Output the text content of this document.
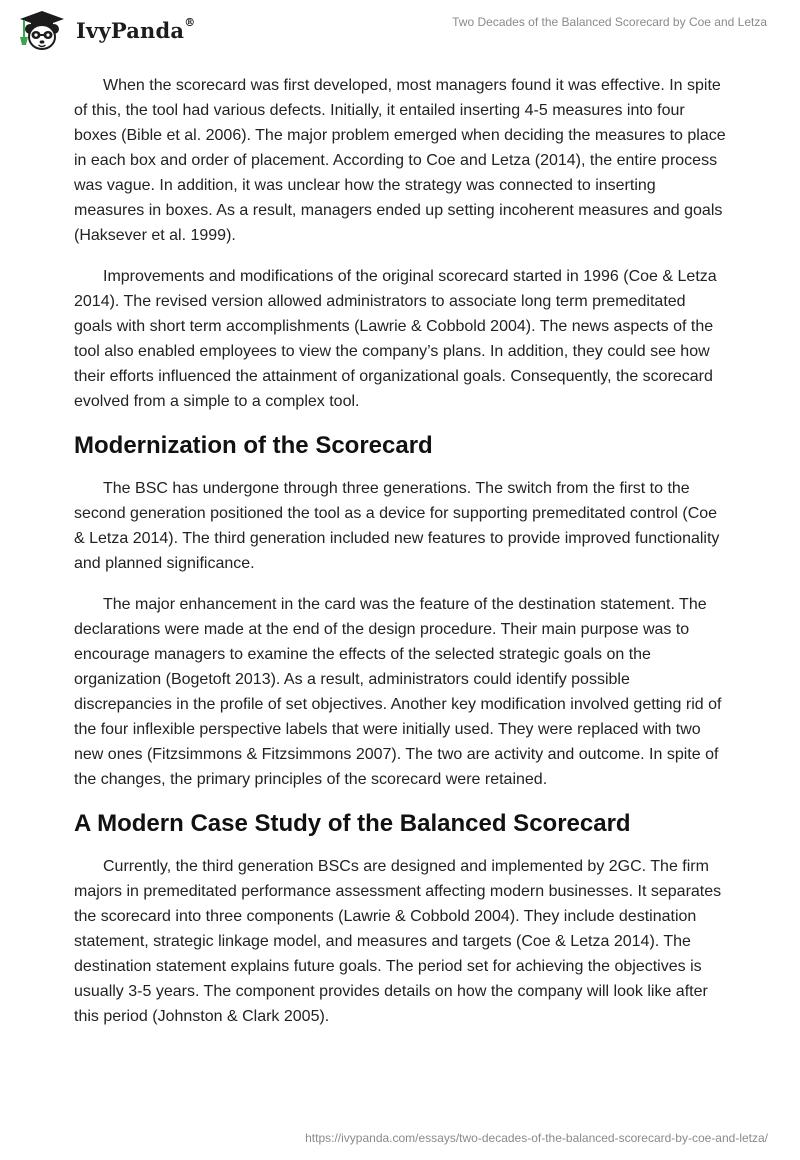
IvyPanda®	Two Decades of the Balanced Scorecard by Coe and Letza

When the scorecard was first developed, most managers found it was effective. In spite of this, the tool had various defects. Initially, it entailed inserting 4-5 measures into four boxes (Bible et al. 2006). The major problem emerged when deciding the measures to place in each box and order of placement. According to Coe and Letza (2014), the entire process was vague. In addition, it was unclear how the strategy was connected to inserting measures in boxes. As a result, managers ended up setting incoherent measures and goals (Haksever et al. 1999).

Improvements and modifications of the original scorecard started in 1996 (Coe & Letza 2014). The revised version allowed administrators to associate long term premeditated goals with short term accomplishments (Lawrie & Cobbold 2004). The news aspects of the tool also enabled employees to view the company’s plans. In addition, they could see how their efforts influenced the attainment of organizational goals. Consequently, the scorecard evolved from a simple to a complex tool.

Modernization of the Scorecard

The BSC has undergone through three generations. The switch from the first to the second generation positioned the tool as a device for supporting premeditated control (Coe & Letza 2014). The third generation included new features to provide improved functionality and planned significance.

The major enhancement in the card was the feature of the destination statement. The declarations were made at the end of the design procedure. Their main purpose was to encourage managers to examine the effects of the selected strategic goals on the organization (Bogetoft 2013). As a result, administrators could identify possible discrepancies in the profile of set objectives. Another key modification involved getting rid of the four inflexible perspective labels that were initially used. They were replaced with two new ones (Fitzsimmons & Fitzsimmons 2007). The two are activity and outcome. In spite of the changes, the primary principles of the scorecard were retained.

A Modern Case Study of the Balanced Scorecard

Currently, the third generation BSCs are designed and implemented by 2GC. The firm majors in premeditated performance assessment affecting modern businesses. It separates the scorecard into three components (Lawrie & Cobbold 2004). They include destination statement, strategic linkage model, and measures and targets (Coe & Letza 2014). The destination statement explains future goals. The period set for achieving the objectives is usually 3-5 years. The component provides details on how the company will look like after this period (Johnston & Clark 2005).

https://ivypanda.com/essays/two-decades-of-the-balanced-scorecard-by-coe-and-letza/
